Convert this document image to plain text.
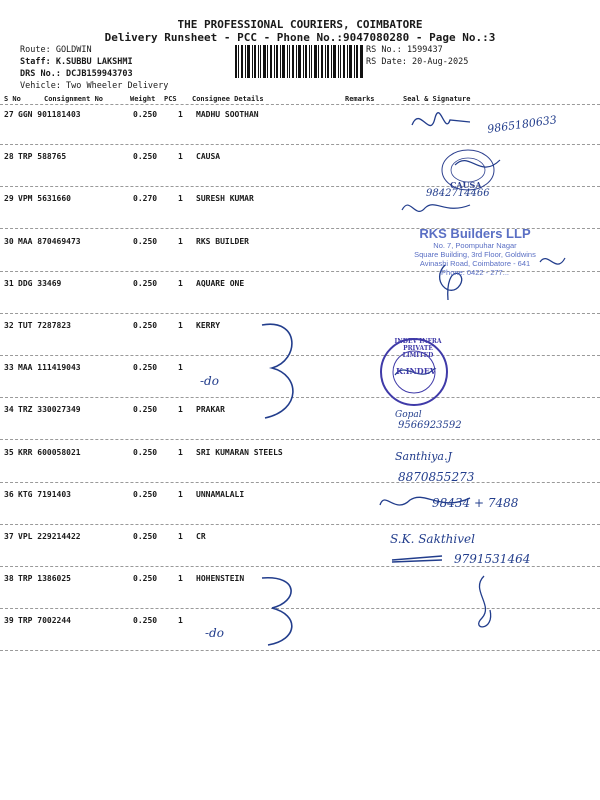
THE PROFESSIONAL COURIERS, COIMBATORE
Delivery Runsheet - PCC - Phone No.:9047080280 - Page No.:3
Route: GOLDWIN
Staff: K.SUBBU LAKSHMI
DRS No.: DCJB159943703
Vehicle: Two Wheeler Delivery
RS No.: 1599437
RS Date: 20-Aug-2025
S No	Consignment No	Weight PCS Consignee Details	Remarks	Seal & Signature
27 GGN 901181403	0.250	1 MADHU SOOTHAN
28 TRP 588765	0.250	1 CAUSA
29 VPM 5631660	0.270	1 SURESH KUMAR
30 MAA 870469473	0.250	1 RKS BUILDER
31 DDG 33469	0.250	1 AQUARE ONE
32 TUT 7287823	0.250	1 KERRY
33 MAA 111419043	0.250	1
34 TRZ 330027349	0.250	1 PRAKAR
35 KRR 600058021	0.250	1 SRI KUMARAN STEELS
36 KTG 7191403	0.250	1 UNNAMALALI
37 VPL 229214422	0.250	1 CR
38 TRP 1386025	0.250	1 HOHENSTEIN
39 TRP 7002244	0.250	1
9865180633
CAUSA
9842714466
RKS Builders LLP
No. 7, Poompuhar Nagar
Square Building, 3rd Floor, Goldwins
Avinashi Road, Coimbatore - 641
Phone: 0422 - 277...
-do
INDEV INFRA PRIVATE LIMITED
K.INDEV
Gopal
9566923592
Santhiya.J
8870855273
98434 + 7488
S.K. Sakthivel
9791531464
-do
